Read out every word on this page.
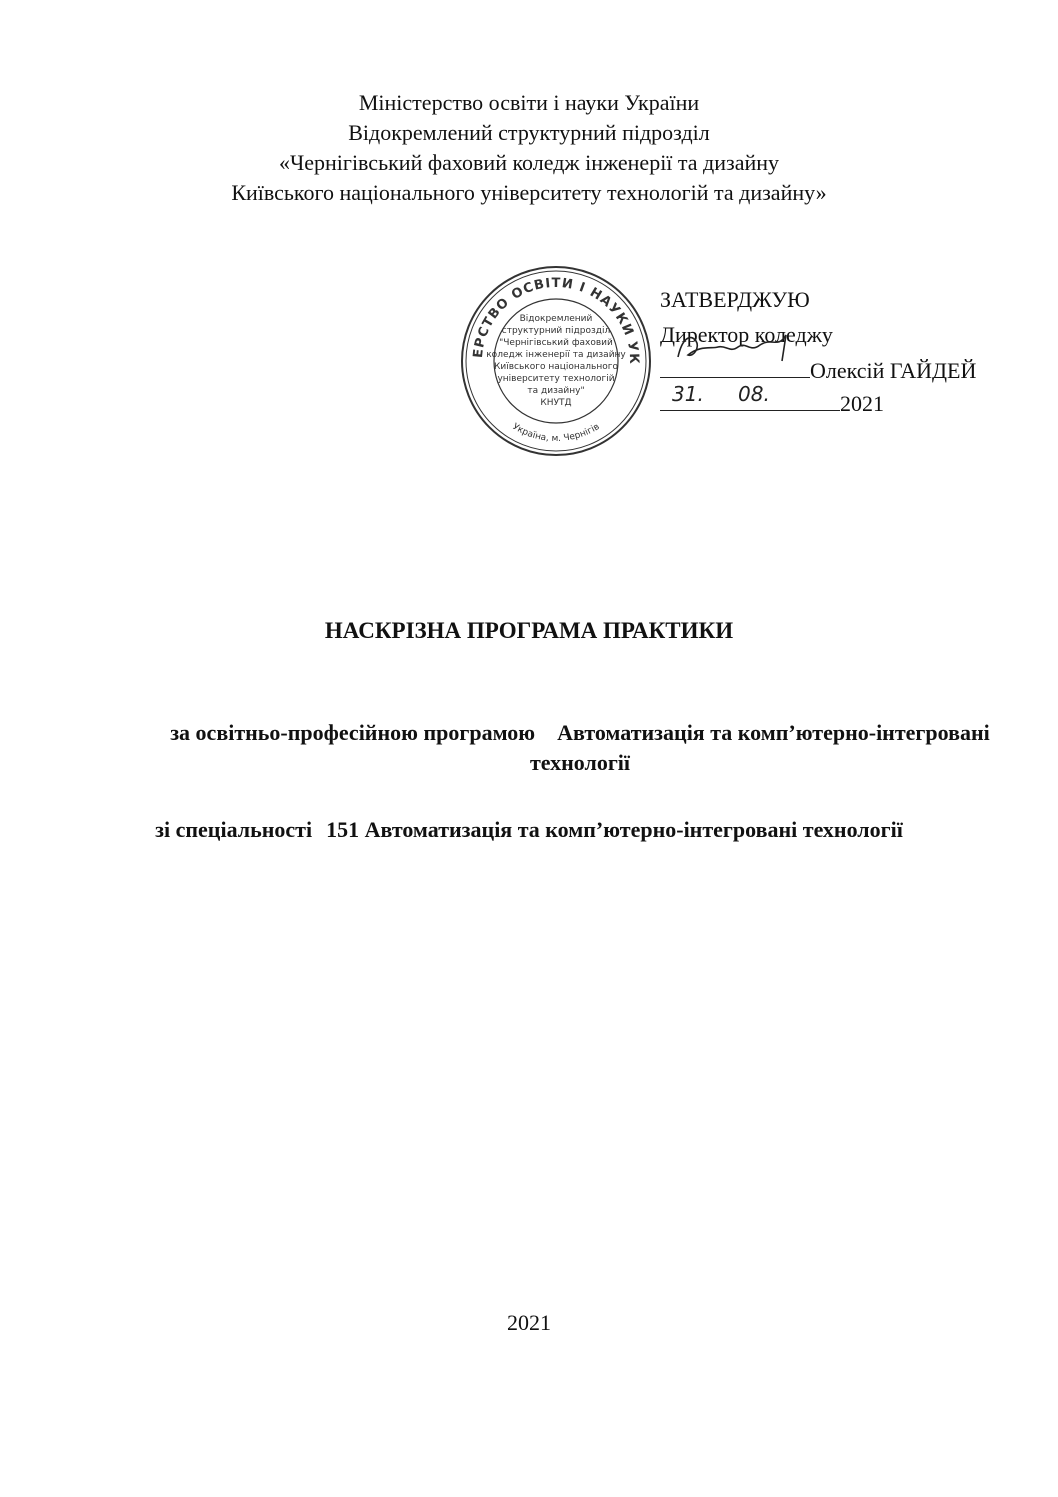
Міністерство освіти і науки України
Відокремлений структурний підрозділ
«Чернігівський фаховий коледж інженерії та дизайну
Київського національного університету технологій та дизайну»
ЕРСТВО ОСВІТИ І НАУКИ УК
Україна, м. Чернігів
Відокремлений
структурний підрозділ
"Чернігівський фаховий
коледж інженерії та дизайну
Київського національного
університету технологій
та дизайну"
КНУТД
ЗАТВЕРДЖУЮ
Директор коледжу
Олексій ГАЙДЕЙ
31. 08.	2021
НАСКРІЗНА ПРОГРАМА ПРАКТИКИ
за освітньо-професійною програмою Автоматизація та комп’ютерно-інтегровані технології
зі спеціальності 151 Автоматизація та комп’ютерно-інтегровані технології
2021
